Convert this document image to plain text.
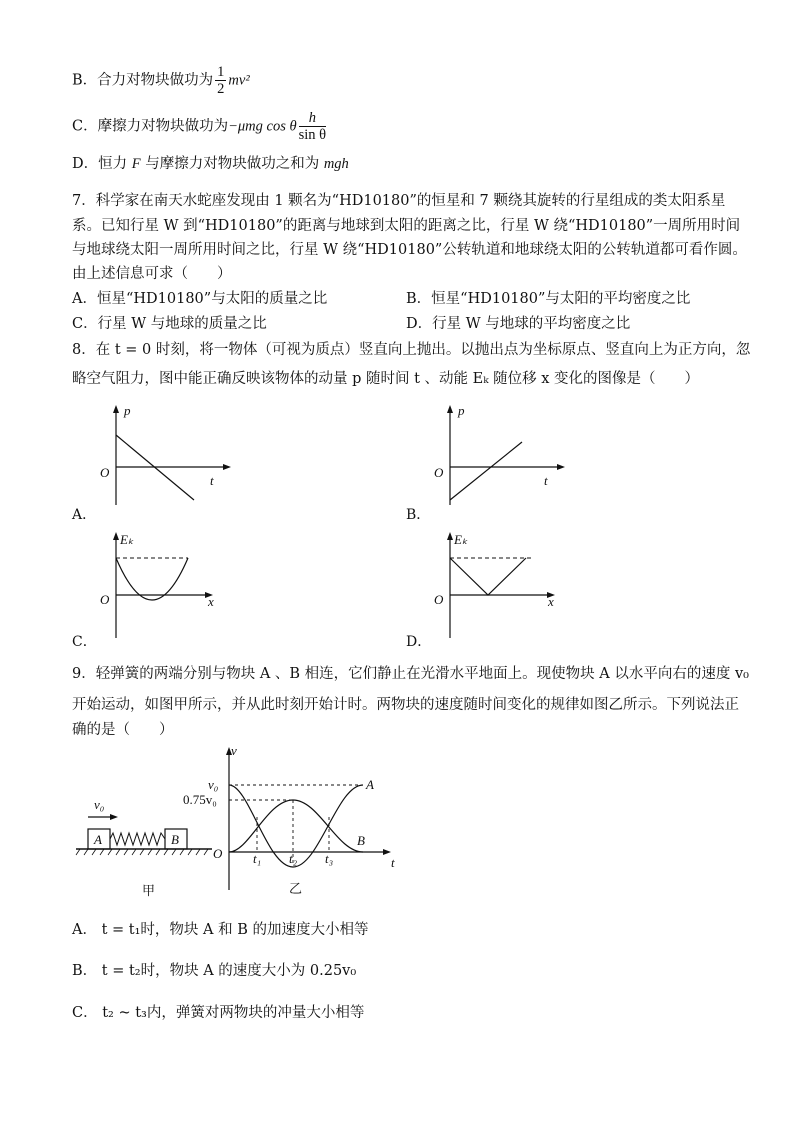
B．合力对物块做功为 $\frac{1}{2} mv^2$
C．摩擦力对物块做功为−μmg cos θ $\frac{h}{\text{sin θ}}$
D．恒力 F 与摩擦力对物块做功之和为 mgh
7．科学家在南天水蛇座发现由 1 颗名为“HD10180”的恒星和 7 颗绕其旋转的行星组成的类太阳系星
系。已知行星 W 到“HD10180”的距离与地球到太阳的距离之比，行星 W 绕“HD10180”一周所用时间
与地球绕太阳一周所用时间之比，行星 W 绕“HD10180”公转轨道和地球绕太阳的公转轨道都可看作圆。
由上述信息可求（　　）
A．恒星“HD10180”与太阳的质量之比	B．恒星“HD10180”与太阳的平均密度之比
C．行星 W 与地球的质量之比	D．行星 W 与地球的平均密度之比
8．在 t = 0 时刻，将一物体（可视为质点）竖直向上抛出。以抛出点为坐标原点、竖直向上为正方向，忽
略空气阻力，图中能正确反映该物体的动量 p 随时间 t 、动能 Eₖ 随位移 x 变化的图像是（　　）
p
O
t
A．
p
O
t
B．
Eₖ
O	x
C．
Eₖ
O	x
D．
9．轻弹簧的两端分别与物块 A 、B 相连，它们静止在光滑水平地面上。现使物块 A 以水平向右的速度 v₀
开始运动，如图甲所示，并从此时刻开始计时。两物块的速度随时间变化的规律如图乙所示。下列说法正
确的是（　　）
v₀
A	B
甲
v
v₀
0.75v₀
O t₁ t₂ t₃	t
A
B
乙
A． t = t₁时，物块 A 和 B 的加速度大小相等
B． t = t₂时，物块 A 的速度大小为 0.25v₀
C． t₂ ~ t₃内，弹簧对两物块的冲量大小相等
